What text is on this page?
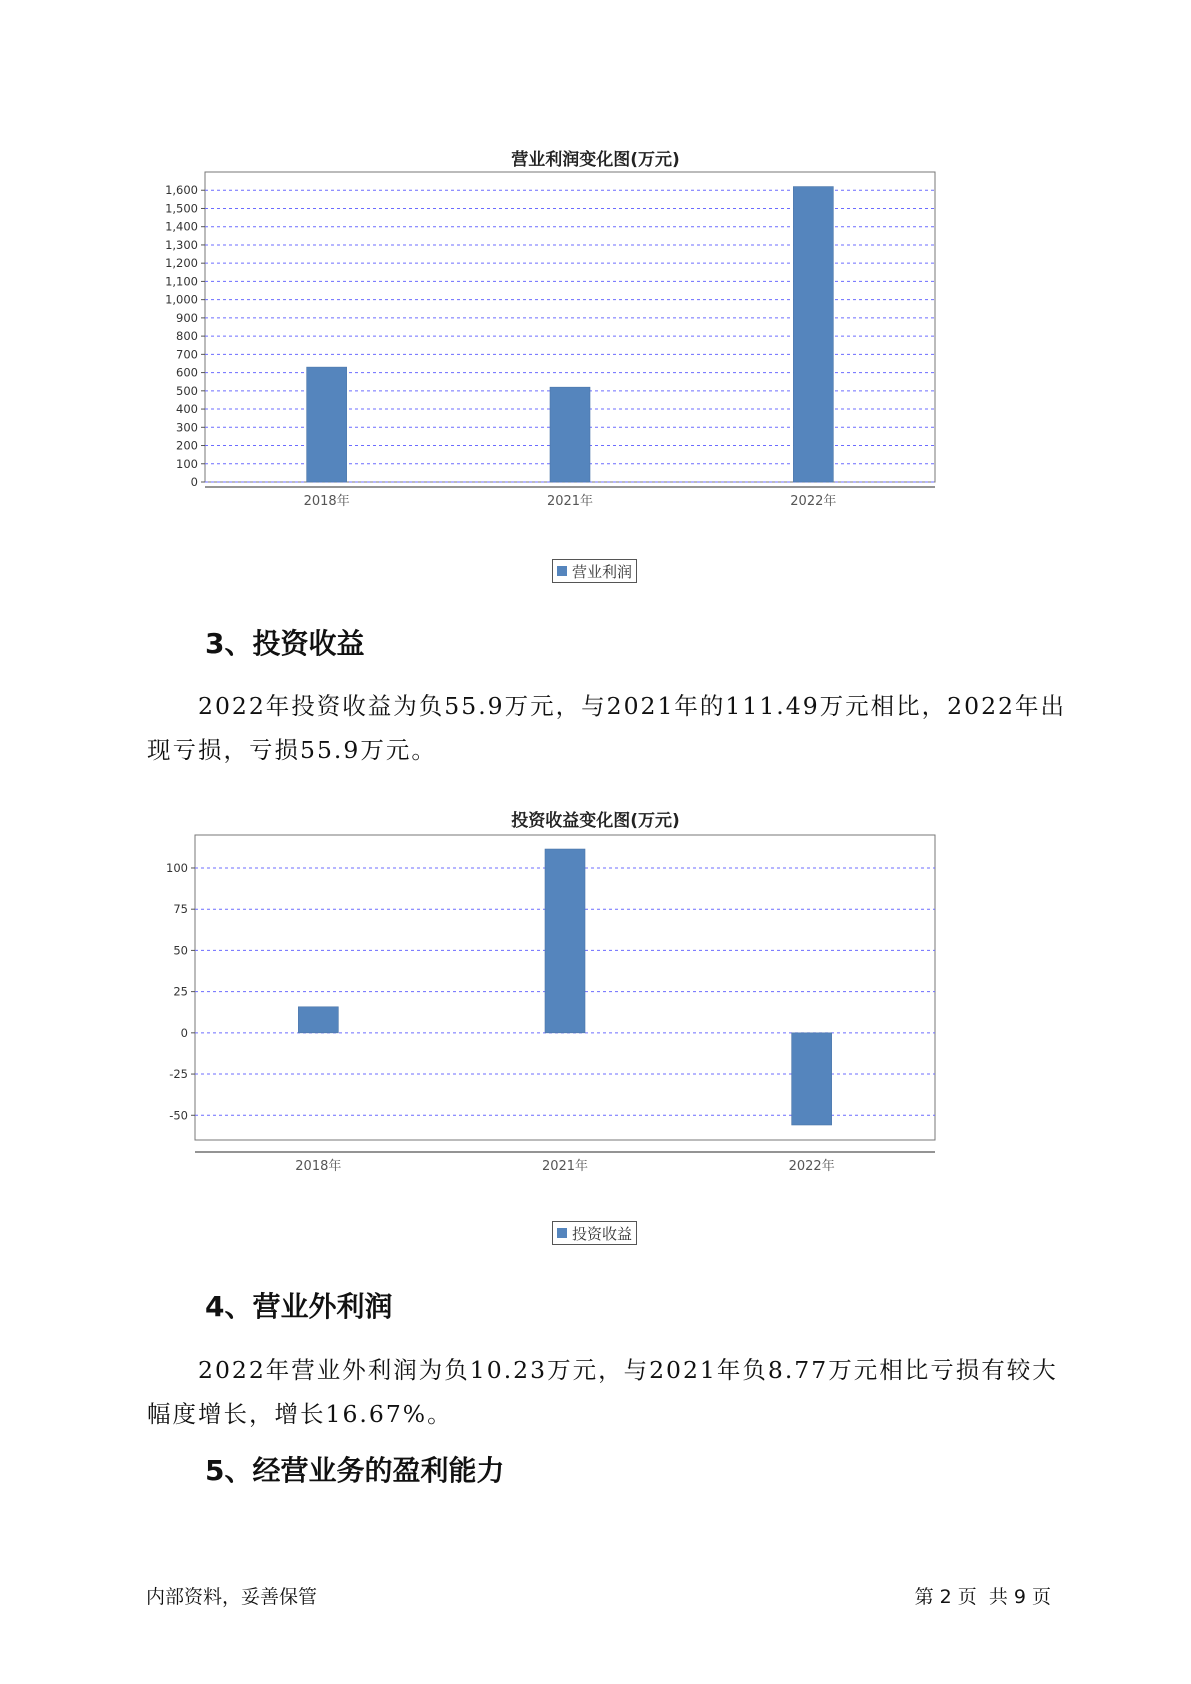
营业利润变化图(万元)
0
100
200
300
400
500
600
700
800
900
1,000
1,100
1,200
1,300
1,400
1,500
1,600
2018年	2021年	2022年
营业利润
3、投资收益
2022年投资收益为负55.9万元，与2021年的111.49万元相比，2022年出现亏损，亏损55.9万元。
投资收益变化图(万元)
-50
-25
0
25
50
75
100
2018年	2021年	2022年
投资收益
4、营业外利润
2022年营业外利润为负10.23万元，与2021年负8.77万元相比亏损有较大幅度增长，增长16.67%。
5、经营业务的盈利能力
内部资料，妥善保管	第 2 页  共 9 页
